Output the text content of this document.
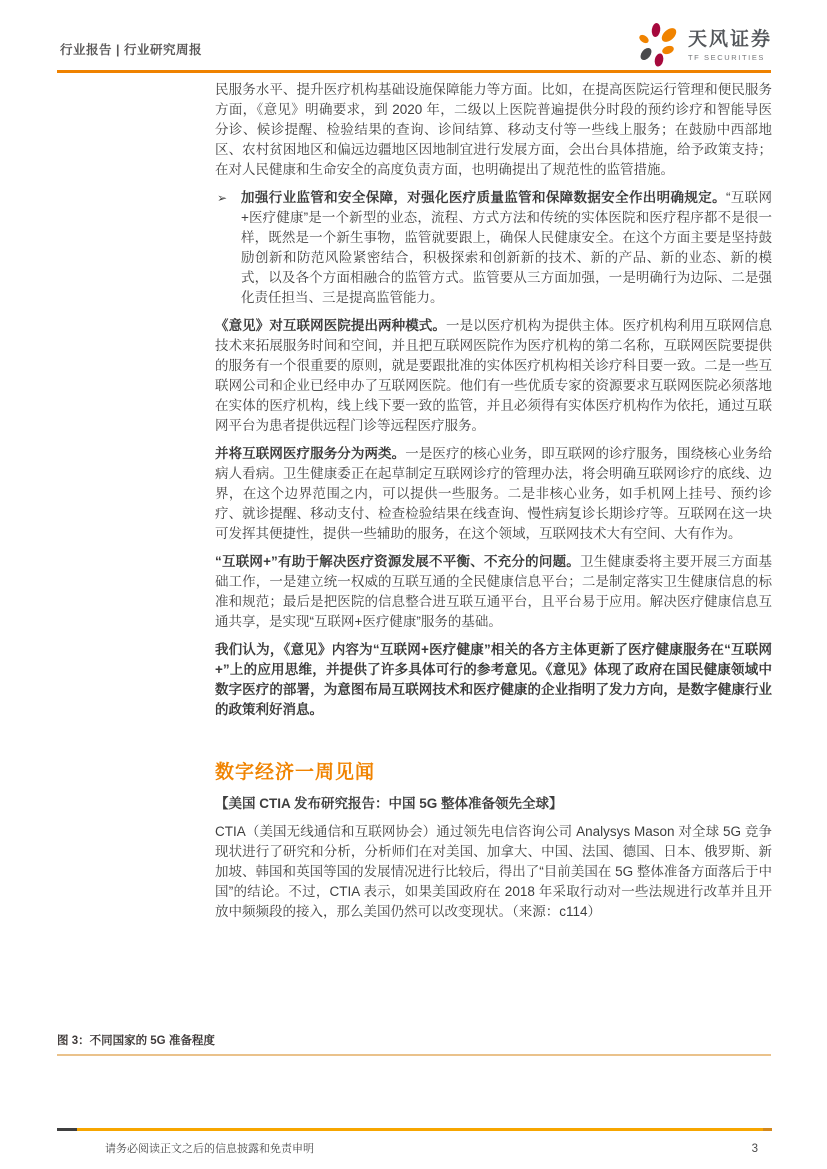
行业报告 | 行业研究周报
天风证券
TF SECURITIES

民服务水平、提升医疗机构基础设施保障能力等方面。比如，在提高医院运行管理和便民服务方面，《意见》明确要求，到 2020 年，二级以上医院普遍提供分时段的预约诊疗和智能导医分诊、候诊提醒、检验结果的查询、诊间结算、移动支付等一些线上服务；在鼓励中西部地区、农村贫困地区和偏远边疆地区因地制宜进行发展方面，会出台具体措施，给予政策支持；在对人民健康和生命安全的高度负责方面，也明确提出了规范性的监管措施。

➢ 加强行业监管和安全保障，对强化医疗质量监管和保障数据安全作出明确规定。“互联网+医疗健康”是一个新型的业态，流程、方式方法和传统的实体医院和医疗程序都不是很一样，既然是一个新生事物，监管就要跟上，确保人民健康安全。在这个方面主要是坚持鼓励创新和防范风险紧密结合，积极探索和创新新的技术、新的产品、新的业态、新的模式，以及各个方面相融合的监管方式。监管要从三方面加强，一是明确行为边际、二是强化责任担当、三是提高监管能力。

《意见》对互联网医院提出两种模式。一是以医疗机构为提供主体。医疗机构利用互联网信息技术来拓展服务时间和空间，并且把互联网医院作为医疗机构的第二名称，互联网医院要提供的服务有一个很重要的原则，就是要跟批准的实体医疗机构相关诊疗科目要一致。二是一些互联网公司和企业已经申办了互联网医院。他们有一些优质专家的资源要求互联网医院必须落地在实体的医疗机构，线上线下要一致的监管，并且必须得有实体医疗机构作为依托，通过互联网平台为患者提供远程门诊等远程医疗服务。

并将互联网医疗服务分为两类。一是医疗的核心业务，即互联网的诊疗服务，围绕核心业务给病人看病。卫生健康委正在起草制定互联网诊疗的管理办法，将会明确互联网诊疗的底线、边界，在这个边界范围之内，可以提供一些服务。二是非核心业务，如手机网上挂号、预约诊疗、就诊提醒、移动支付、检查检验结果在线查询、慢性病复诊长期诊疗等。互联网在这一块可发挥其便捷性，提供一些辅助的服务，在这个领域，互联网技术大有空间、大有作为。

“互联网+”有助于解决医疗资源发展不平衡、不充分的问题。卫生健康委将主要开展三方面基础工作，一是建立统一权威的互联互通的全民健康信息平台；二是制定落实卫生健康信息的标准和规范；最后是把医院的信息整合进互联互通平台，且平台易于应用。解决医疗健康信息互通共享，是实现“互联网+医疗健康”服务的基础。

我们认为，《意见》内容为“互联网+医疗健康”相关的各方主体更新了医疗健康服务在“互联网+”上的应用思维，并提供了许多具体可行的参考意见。《意见》体现了政府在国民健康领域中数字医疗的部署，为意图布局互联网技术和医疗健康的企业指明了发力方向，是数字健康行业的政策利好消息。

数字经济一周见闻

【美国 CTIA 发布研究报告：中国 5G 整体准备领先全球】

CTIA（美国无线通信和互联网协会）通过领先电信咨询公司 Analysys Mason 对全球 5G 竞争现状进行了研究和分析，分析师们在对美国、加拿大、中国、法国、德国、日本、俄罗斯、新加坡、韩国和英国等国的发展情况进行比较后，得出了“目前美国在 5G 整体准备方面落后于中国”的结论。不过，CTIA 表示，如果美国政府在 2018 年采取行动对一些法规进行改革并且开放中频频段的接入，那么美国仍然可以改变现状。（来源：c114）

图 3：不同国家的 5G 准备程度
请务必阅读正文之后的信息披露和免责申明	3
